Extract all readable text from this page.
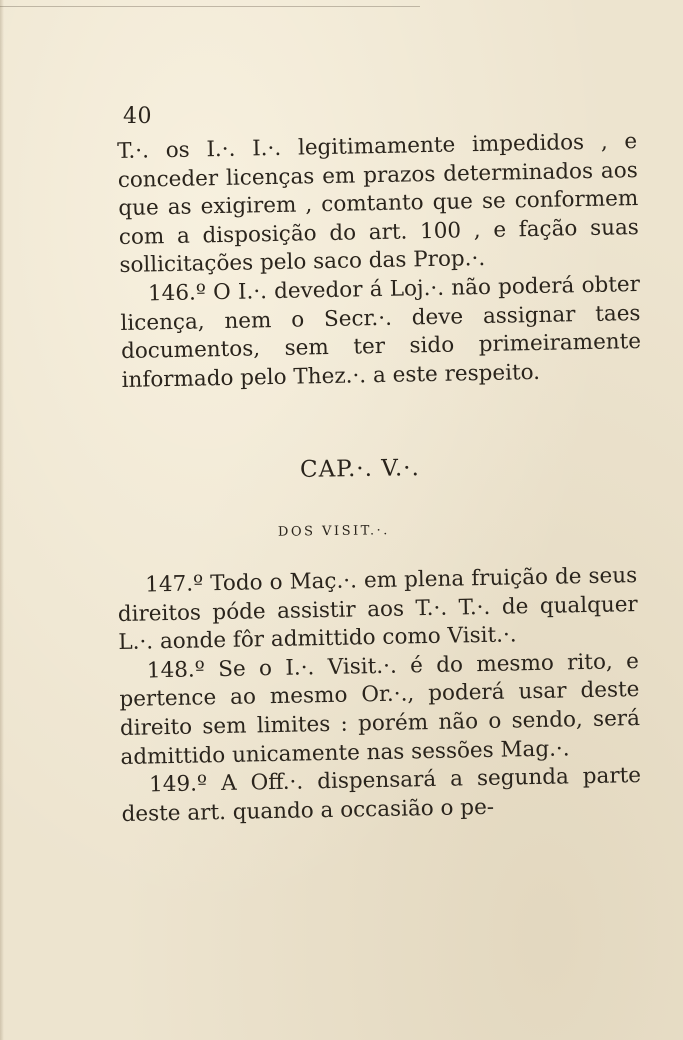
40

T.·. os I.·. I.·. legitimamente impedidos , e conceder licenças em prazos determinados aos que as exigirem , comtanto que se conformem com a disposição do art. 100 , e fação suas sollicitações pelo saco das Prop.·.

146.º O I.·. devedor á Loj.·. não poderá obter licença, nem o Secr.·. deve assignar taes documentos, sem ter sido primeiramente informado pelo Thez.·. a este respeito.

CAP.·. V.·.
DOS VISIT.·.

147.º Todo o Maç.·. em plena fruição de seus direitos póde assistir aos T.·. T.·. de qualquer L.·. aonde fôr admittido como Visit.·.

148.º Se o I.·. Visit.·. é do mesmo rito, e pertence ao mesmo Or.·., poderá usar deste direito sem limites : porém não o sendo, será admittido unicamente nas sessões Mag.·.

149.º A Off.·. dispensará a segunda parte deste art. quando a occasião o pe-
